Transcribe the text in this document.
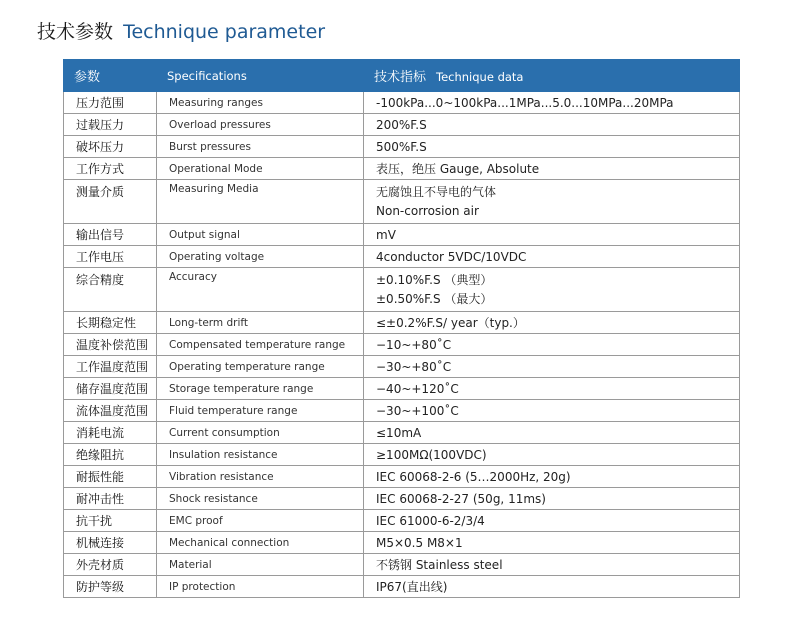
技术参数 Technique parameter
参数	Specifications	技术指标 Technique data
压力范围	Measuring ranges	-100kPa...0~100kPa...1MPa...5.0...10MPa...20MPa

过载压力	Overload pressures	200%F.S

破坏压力	Burst pressures	500%F.S

工作方式	Operational Mode	表压，绝压 Gauge, Absolute

测量介质	Measuring Media	无腐蚀且不导电的气体
Non-corrosion air

输出信号	Output signal	mV

工作电压	Operating voltage	4conductor 5VDC/10VDC

综合精度	Accuracy	±0.10%F.S （典型）
±0.50%F.S （最大）

长期稳定性	Long-term drift	≤±0.2%F.S/ year（typ.）

温度补偿范围	Compensated temperature range	−10~+80˚C

工作温度范围	Operating temperature range	−30~+80˚C

储存温度范围	Storage temperature range	−40~+120˚C

流体温度范围	Fluid temperature range	−30~+100˚C

消耗电流	Current consumption	≤10mA

绝缘阻抗	Insulation resistance	≥100MΩ(100VDC)

耐振性能	Vibration resistance	IEC 60068-2-6 (5…2000Hz, 20g)

耐冲击性	Shock resistance	IEC 60068-2-27 (50g, 11ms)

抗干扰	EMC proof	IEC 61000-6-2/3/4

机械连接	Mechanical connection	M5×0.5 M8×1

外壳材质	Material	不锈钢 Stainless steel

防护等级	IP protection	IP67(直出线)
